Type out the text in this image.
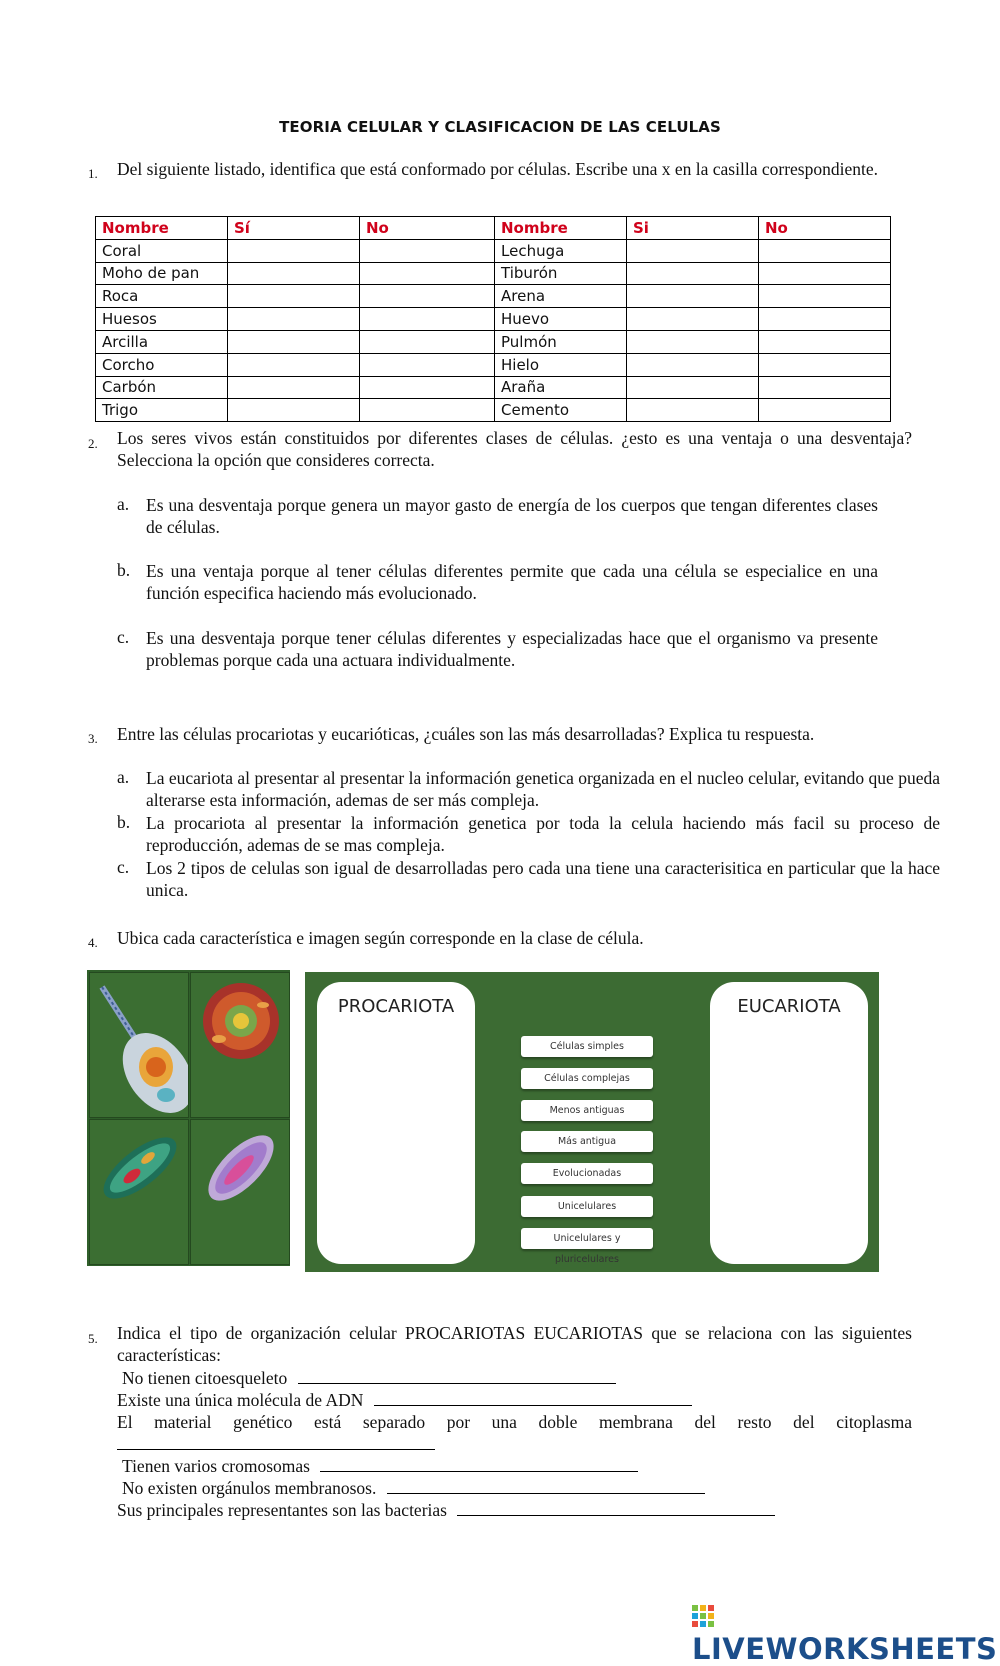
TEORIA CELULAR Y CLASIFICACION DE LAS CELULAS
1. Del siguiente listado, identifica que está conformado por células. Escribe una x en la casilla correspondiente.
Nombre	Sí	No	Nombre	Si	No
Coral			Lechuga		
Moho de pan			Tiburón		
Roca			Arena		
Huesos			Huevo		
Arcilla			Pulmón		
Corcho			Hielo		
Carbón			Araña		
Trigo			Cemento		
2. Los seres vivos están constituidos por diferentes clases de células. ¿esto es una ventaja o una desventaja? Selecciona la opción que consideres correcta.
a. Es una desventaja porque genera un mayor gasto de energía de los cuerpos que tengan diferentes clases de células.
b. Es una ventaja porque al tener células diferentes permite que cada una célula se especialice en una función especifica haciendo más evolucionado.
c. Es una desventaja porque tener células diferentes y especializadas hace que el organismo va presente problemas porque cada una actuara individualmente.
3. Entre las células procariotas y eucarióticas, ¿cuáles son las más desarrolladas? Explica tu respuesta.
a. La eucariota al presentar al presentar la información genetica organizada en el nucleo celular, evitando que pueda alterarse esta información, ademas de ser más compleja.
b. La procariota al presentar la información genetica por toda la celula haciendo más facil su proceso de reproducción, ademas de se mas compleja.
c. Los 2 tipos de celulas son igual de desarrolladas pero cada una tiene una caracterisitica en particular que la hace unica.
4. Ubica cada característica e imagen según corresponde en la clase de célula.
PROCARIOTA	EUCARIOTA
Células simples
Células complejas
Menos antiguas
Más antigua
Evolucionadas
Unicelulares
Unicelulares y pluricelulares
5. Indica el tipo de organización celular PROCARIOTAS EUCARIOTAS que se relaciona con las siguientes características:
No tienen citoesqueleto
Existe una única molécula de ADN
El material genético está separado por una doble membrana del resto del citoplasma
Tienen varios cromosomas
No existen orgánulos membranosos.
Sus principales representantes son las bacterias
LIVEWORKSHEETS
